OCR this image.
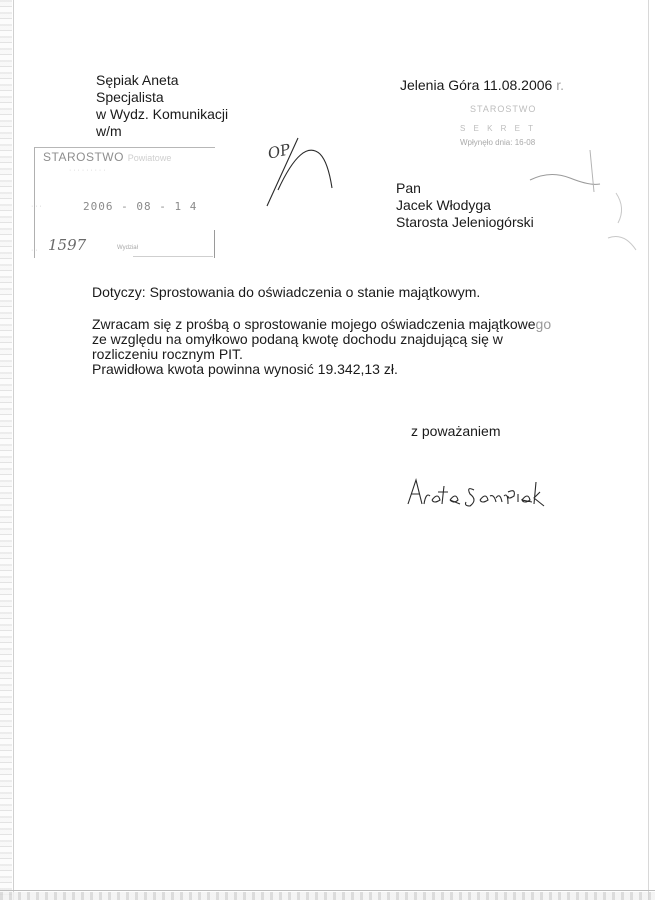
Sępiak Aneta
Specjalista
w Wydz. Komunikacji
w/m
Jelenia Góra 11.08.2006 r.
STAROSTWO Powiatowe
· · · · · · · · ·
· · ·	2006 - 08 - 1 4
· · 1597	Wydział
STAROSTWO
S E K R E T
Wpłynęło dnia: 16-08
OP
Pan
Jacek Włodyga
Starosta Jeleniogórski
Dotyczy: Sprostowania do oświadczenia o stanie majątkowym.
Zwracam się z prośbą o sprostowanie mojego oświadczenia majątkowego
ze względu na omyłkowo podaną kwotę dochodu znajdującą się w
rozliczeniu rocznym PIT.
Prawidłowa kwota powinna wynosić 19.342,13 zł.
z poważaniem
